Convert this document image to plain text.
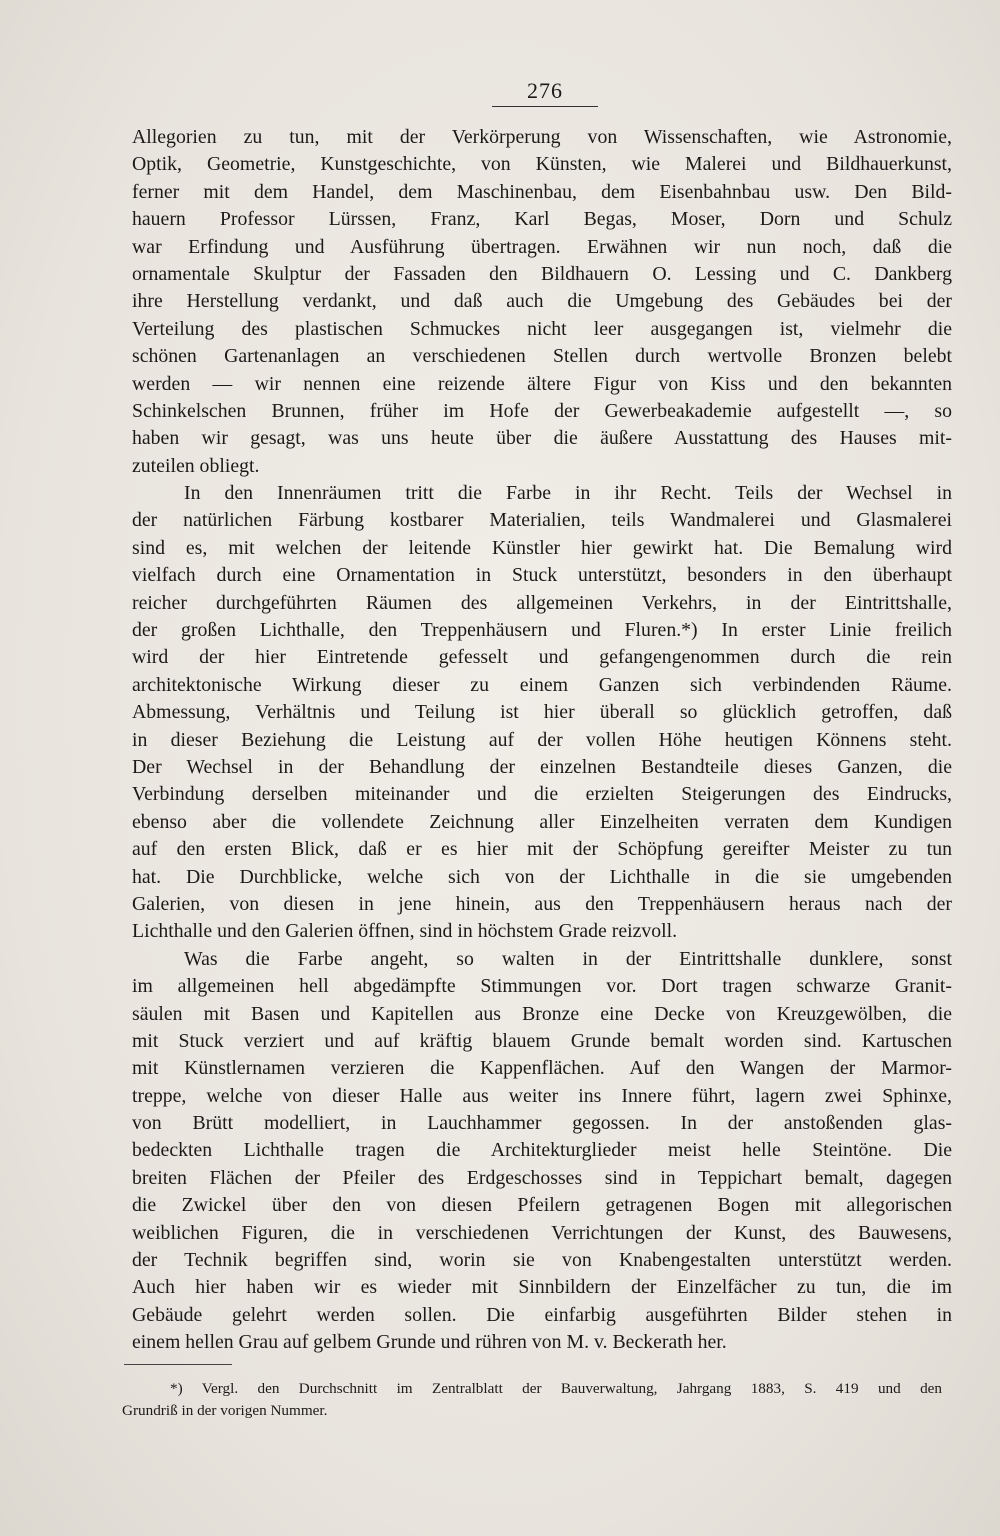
276
Allegorien zu tun, mit der Verkörperung von Wissenschaften, wie Astronomie,
Optik, Geometrie, Kunstgeschichte, von Künsten, wie Malerei und Bildhauerkunst,
ferner mit dem Handel, dem Maschinenbau, dem Eisenbahnbau usw. Den Bild-
hauern Professor Lürssen, Franz, Karl Begas, Moser, Dorn und Schulz
war Erfindung und Ausführung übertragen. Erwähnen wir nun noch, daß die
ornamentale Skulptur der Fassaden den Bildhauern O. Lessing und C. Dankberg
ihre Herstellung verdankt, und daß auch die Umgebung des Gebäudes bei der
Verteilung des plastischen Schmuckes nicht leer ausgegangen ist, vielmehr die
schönen Gartenanlagen an verschiedenen Stellen durch wertvolle Bronzen belebt
werden — wir nennen eine reizende ältere Figur von Kiss und den bekannten
Schinkelschen Brunnen, früher im Hofe der Gewerbeakademie aufgestellt —, so
haben wir gesagt, was uns heute über die äußere Ausstattung des Hauses mit-
zuteilen obliegt.
In den Innenräumen tritt die Farbe in ihr Recht. Teils der Wechsel in
der natürlichen Färbung kostbarer Materialien, teils Wandmalerei und Glasmalerei
sind es, mit welchen der leitende Künstler hier gewirkt hat. Die Bemalung wird
vielfach durch eine Ornamentation in Stuck unterstützt, besonders in den überhaupt
reicher durchgeführten Räumen des allgemeinen Verkehrs, in der Eintrittshalle,
der großen Lichthalle, den Treppenhäusern und Fluren.*) In erster Linie freilich
wird der hier Eintretende gefesselt und gefangengenommen durch die rein
architektonische Wirkung dieser zu einem Ganzen sich verbindenden Räume.
Abmessung, Verhältnis und Teilung ist hier überall so glücklich getroffen, daß
in dieser Beziehung die Leistung auf der vollen Höhe heutigen Könnens steht.
Der Wechsel in der Behandlung der einzelnen Bestandteile dieses Ganzen, die
Verbindung derselben miteinander und die erzielten Steigerungen des Eindrucks,
ebenso aber die vollendete Zeichnung aller Einzelheiten verraten dem Kundigen
auf den ersten Blick, daß er es hier mit der Schöpfung gereifter Meister zu tun
hat. Die Durchblicke, welche sich von der Lichthalle in die sie umgebenden
Galerien, von diesen in jene hinein, aus den Treppenhäusern heraus nach der
Lichthalle und den Galerien öffnen, sind in höchstem Grade reizvoll.
Was die Farbe angeht, so walten in der Eintrittshalle dunklere, sonst
im allgemeinen hell abgedämpfte Stimmungen vor. Dort tragen schwarze Granit-
säulen mit Basen und Kapitellen aus Bronze eine Decke von Kreuzgewölben, die
mit Stuck verziert und auf kräftig blauem Grunde bemalt worden sind. Kartuschen
mit Künstlernamen verzieren die Kappenflächen. Auf den Wangen der Marmor-
treppe, welche von dieser Halle aus weiter ins Innere führt, lagern zwei Sphinxe,
von Brütt modelliert, in Lauchhammer gegossen. In der anstoßenden glas-
bedeckten Lichthalle tragen die Architekturglieder meist helle Steintöne. Die
breiten Flächen der Pfeiler des Erdgeschosses sind in Teppichart bemalt, dagegen
die Zwickel über den von diesen Pfeilern getragenen Bogen mit allegorischen
weiblichen Figuren, die in verschiedenen Verrichtungen der Kunst, des Bauwesens,
der Technik begriffen sind, worin sie von Knabengestalten unterstützt werden.
Auch hier haben wir es wieder mit Sinnbildern der Einzelfächer zu tun, die im
Gebäude gelehrt werden sollen. Die einfarbig ausgeführten Bilder stehen in
einem hellen Grau auf gelbem Grunde und rühren von M. v. Beckerath her.
*) Vergl. den Durchschnitt im Zentralblatt der Bauverwaltung, Jahrgang 1883, S. 419 und den
Grundriß in der vorigen Nummer.
